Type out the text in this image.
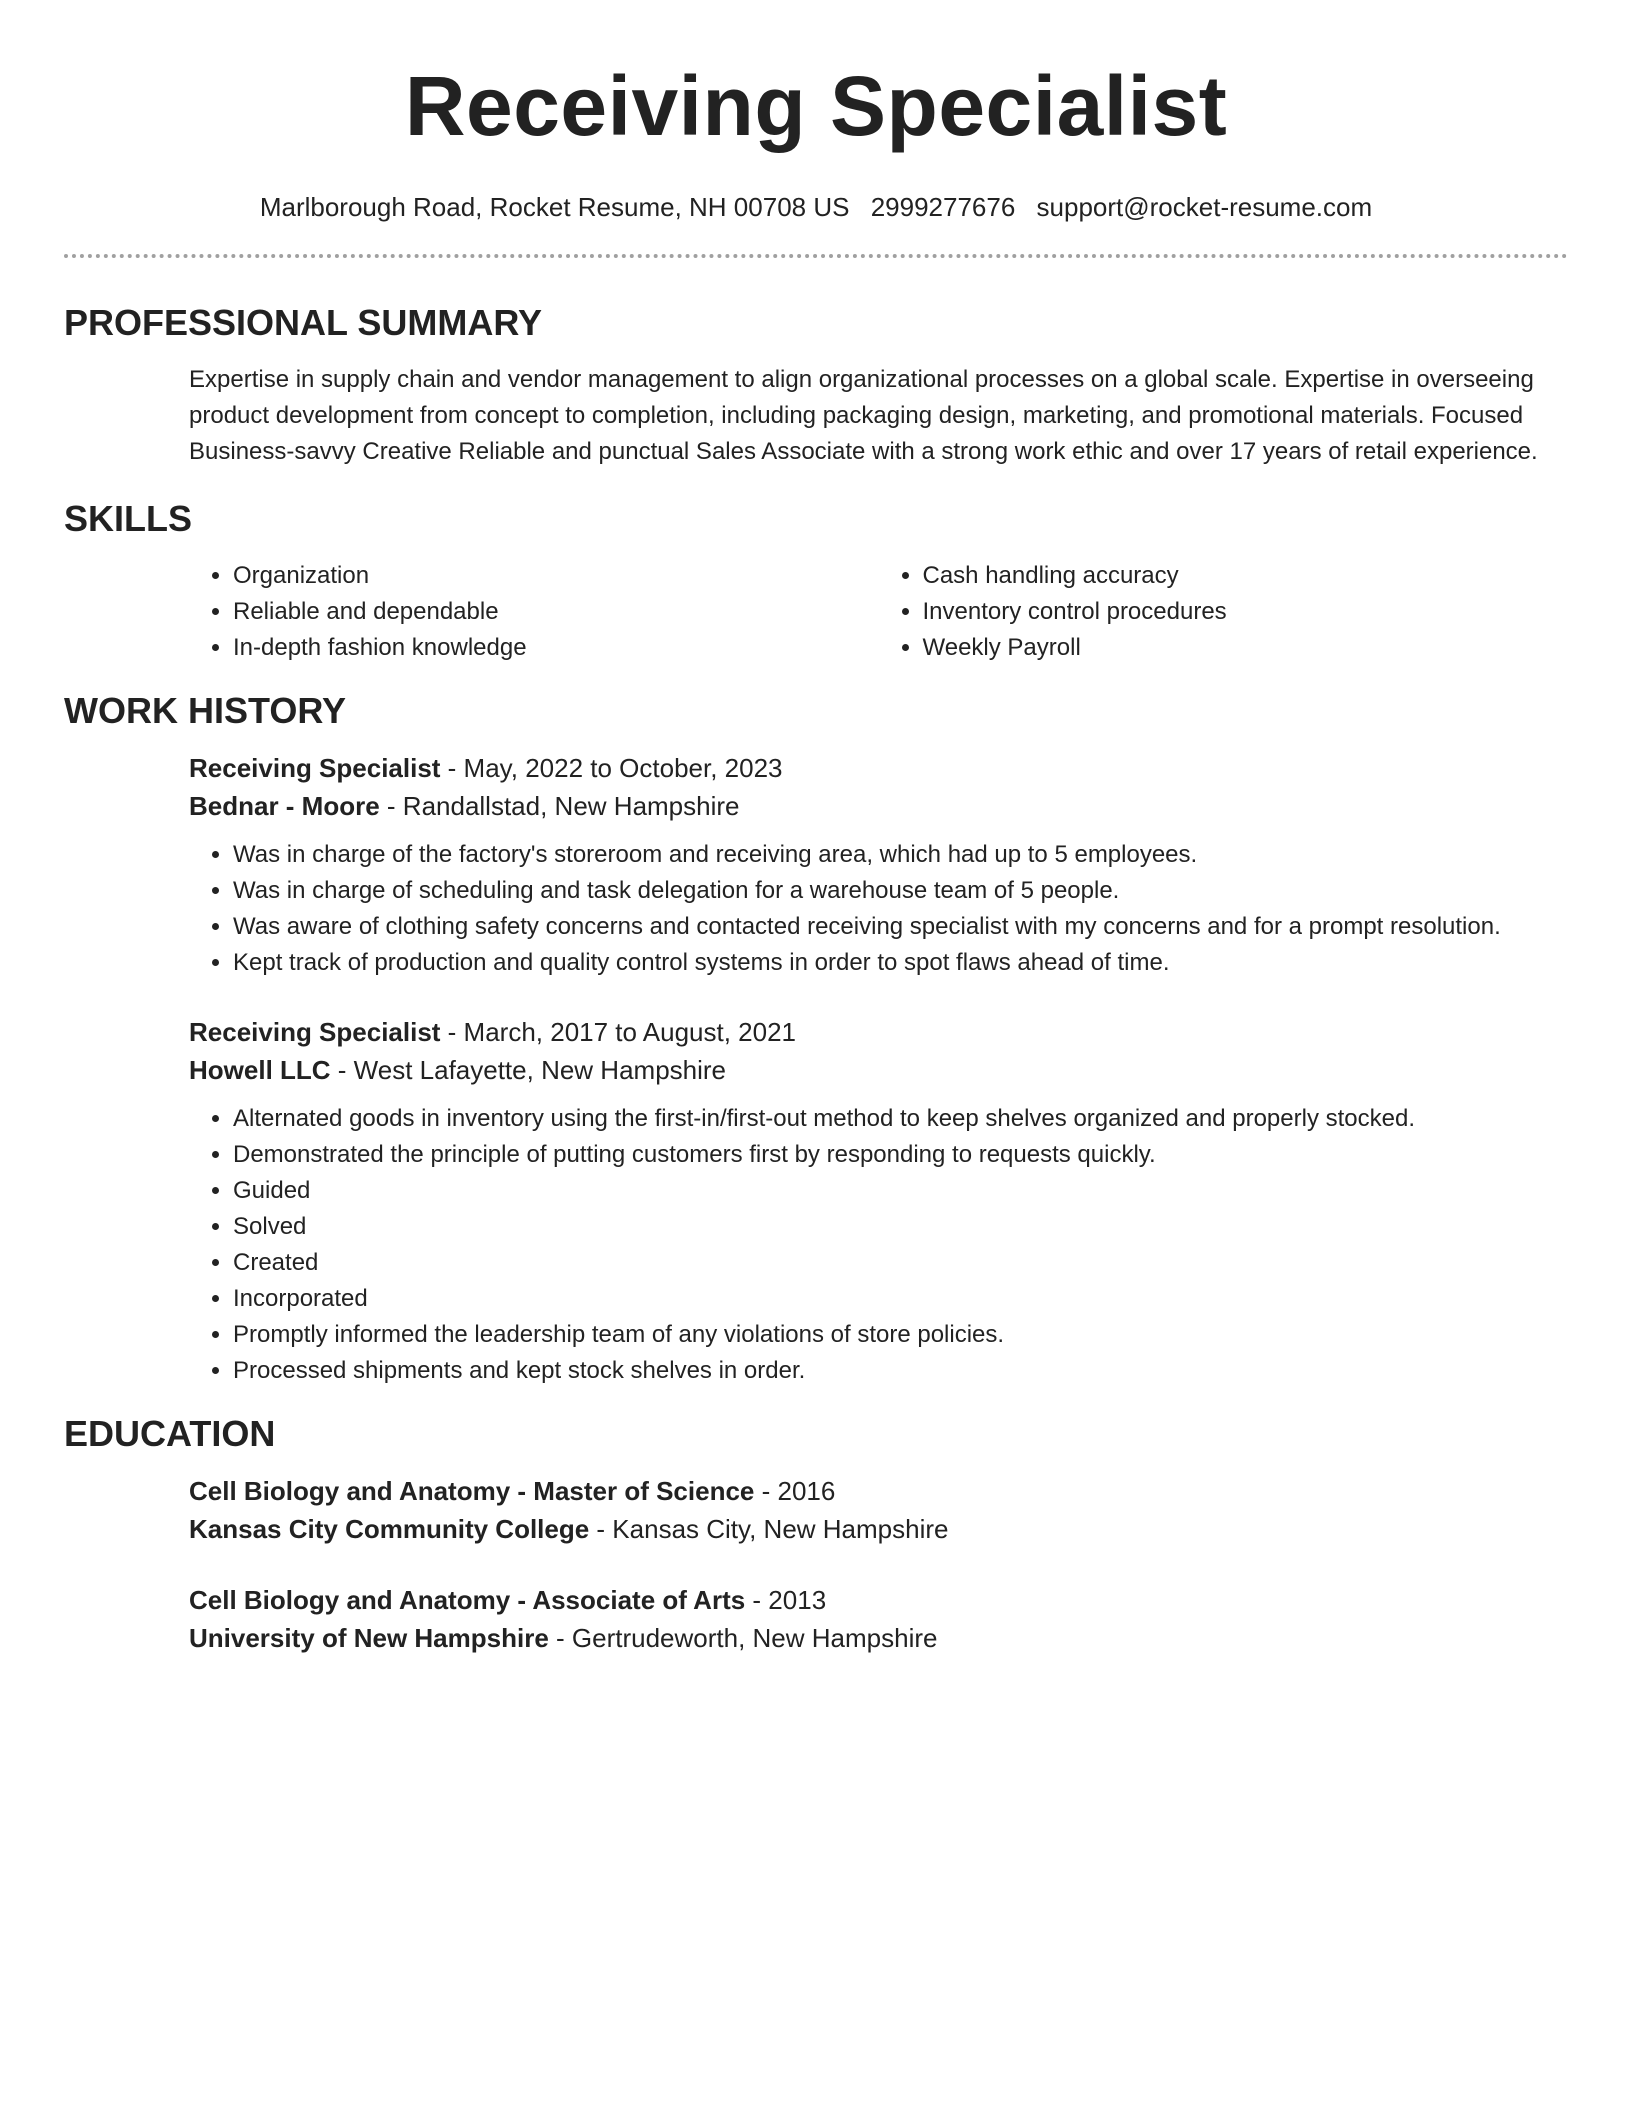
Receiving Specialist
Marlborough Road, Rocket Resume, NH 00708 US 2999277676 support@rocket-resume.com
PROFESSIONAL SUMMARY

Expertise in supply chain and vendor management to align organizational processes on a global scale. Expertise in overseeing product development from concept to completion, including packaging design, marketing, and promotional materials. Focused Business-savvy Creative Reliable and punctual Sales Associate with a strong work ethic and over 17 years of retail experience.

SKILLS
• Organization
• Reliable and dependable
• In-depth fashion knowledge
• Cash handling accuracy
• Inventory control procedures
• Weekly Payroll
WORK HISTORY
Receiving Specialist - May, 2022 to October, 2023
Bednar - Moore - Randallstad, New Hampshire
• Was in charge of the factory's storeroom and receiving area, which had up to 5 employees.
• Was in charge of scheduling and task delegation for a warehouse team of 5 people.
• Was aware of clothing safety concerns and contacted receiving specialist with my concerns and for a prompt resolution.
• Kept track of production and quality control systems in order to spot flaws ahead of time.
Receiving Specialist - March, 2017 to August, 2021
Howell LLC - West Lafayette, New Hampshire
• Alternated goods in inventory using the first-in/first-out method to keep shelves organized and properly stocked.
• Demonstrated the principle of putting customers first by responding to requests quickly.
• Guided
• Solved
• Created
• Incorporated
• Promptly informed the leadership team of any violations of store policies.
• Processed shipments and kept stock shelves in order.
EDUCATION
Cell Biology and Anatomy - Master of Science - 2016
Kansas City Community College - Kansas City, New Hampshire
Cell Biology and Anatomy - Associate of Arts - 2013
University of New Hampshire - Gertrudeworth, New Hampshire
